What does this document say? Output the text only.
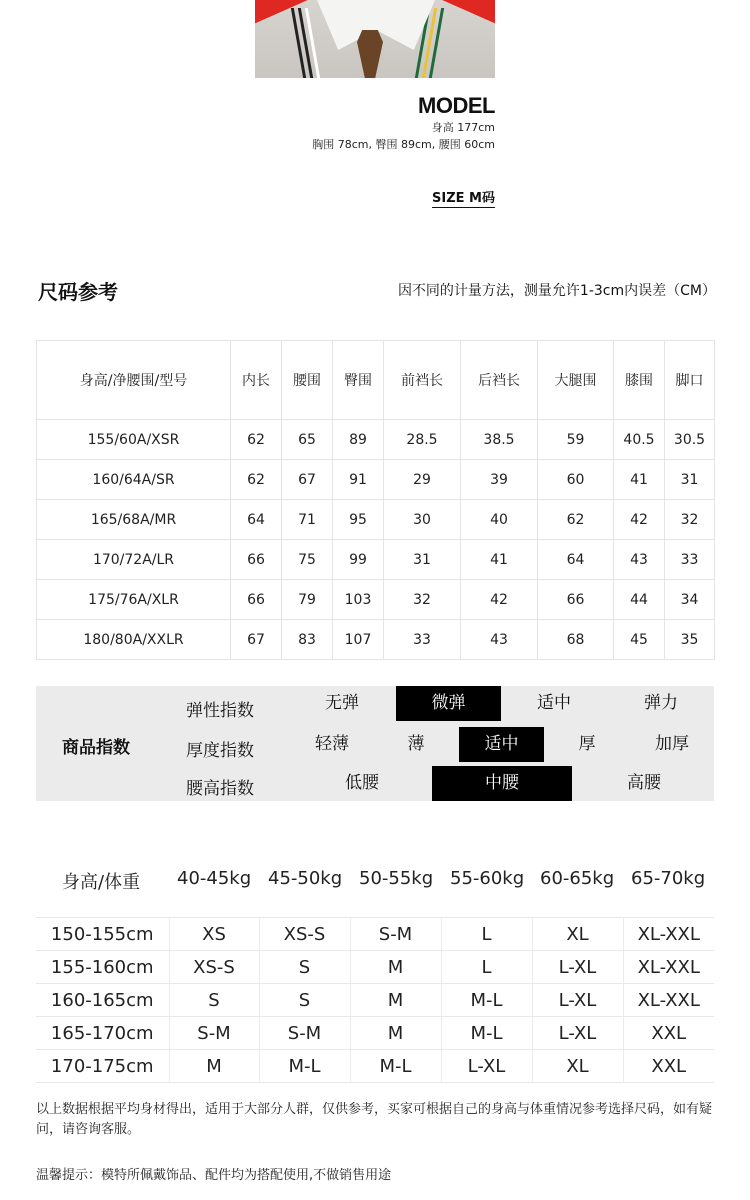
MODEL
身高 177cm
胸围 78cm, 臀围 89cm, 腰围 60cm
SIZE M码
尺码参考	因不同的计量方法，测量允许1-3cm内误差（CM）
身高/净腰围/型号	内长	腰围	臀围	前裆长	后裆长	大腿围	膝围	脚口
155/60A/XSR	62	65	89	28.5	38.5	59	40.5	30.5
160/64A/SR	62	67	91	29	39	60	41	31
165/68A/MR	64	71	95	30	40	62	42	32
170/72A/LR	66	75	99	31	41	64	43	33
175/76A/XLR	66	79	103	32	42	66	44	34
180/80A/XXLR	67	83	107	33	43	68	45	35
商品指数
弹性指数	无弹	微弹	适中	弹力
厚度指数	轻薄	薄	适中	厚	加厚
腰高指数	低腰	中腰	高腰
身高/体重 40-45kg 45-50kg 50-55kg 55-60kg 60-65kg 65-70kg
150-155cm	XS	XS-S	S-M	L	XL	XL-XXL
155-160cm	XS-S	S	M	L	L-XL	XL-XXL
160-165cm	S	S	M	M-L	L-XL	XL-XXL
165-170cm	S-M	S-M	M	M-L	L-XL	XXL
170-175cm	M	M-L	M-L	L-XL	XL	XXL
以上数据根据平均身材得出，适用于大部分人群，仅供参考，买家可根据自己的身高与体重情况参考选择尺码，如有疑问，请咨询客服。
温馨提示：模特所佩戴饰品、配件均为搭配使用,不做销售用途
